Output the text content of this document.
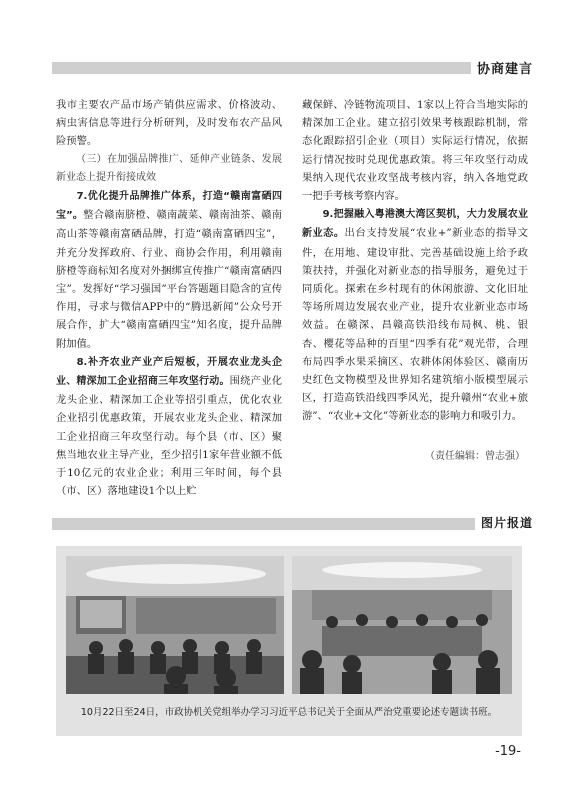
协商建言

我市主要农产品市场产销供应需求、价格波动、病虫害信息等进行分析研判，及时发布农产品风险预警。

（三）在加强品牌推广、延伸产业链条、发展新业态上提升衔接成效

7.优化提升品牌推广体系，打造“赣南富硒四宝”。整合赣南脐橙、赣南蔬菜、赣南油茶、赣南高山茶等赣南富硒品牌，打造“赣南富硒四宝”，并充分发挥政府、行业、商协会作用，利用赣南脐橙等商标知名度对外捆绑宣传推广“赣南富硒四宝”。发挥好“学习强国”平台答题题目隐含的宣传作用，寻求与微信APP中的“腾迅新闻”公众号开展合作，扩大“赣南富硒四宝”知名度，提升品牌附加值。

8.补齐农业产业产后短板，开展农业龙头企业、精深加工企业招商三年攻坚行动。围绕产业化龙头企业、精深加工企业等招引重点，优化农业企业招引优惠政策，开展农业龙头企业、精深加工企业招商三年攻坚行动。每个县（市、区）聚焦当地农业主导产业，至少招引1家年营业额不低于10亿元的农业企业；利用三年时间，每个县（市、区）落地建设1个以上贮

藏保鲜、冷链物流项目、1家以上符合当地实际的精深加工企业。建立招引效果考核跟踪机制，常态化跟踪招引企业（项目）实际运行情况，依据运行情况按时兑现优惠政策。将三年攻坚行动成果纳入现代农业攻坚战考核内容，纳入各地党政一把手考核考察内容。

9.把握融入粤港澳大湾区契机，大力发展农业新业态。出台支持发展“农业+”新业态的指导文件，在用地、建设审批、完善基础设施上给予政策扶持，并强化对新业态的指导服务，避免过于同质化。探索在乡村现有的休闲旅游、文化旧址等场所周边发展农业产业，提升农业新业态市场效益。在赣深、昌赣高铁沿线布局枫、桃、银杏、樱花等品种的百里“四季有花”观光带，合理布局四季水果采摘区、农耕体闲体验区、赣南历史红色文物模型及世界知名建筑缩小版模型展示区，打造高铁沿线四季风光，提升赣州“农业+旅游”、“农业+文化”等新业态的影响力和吸引力。

（责任编辑：曾志强）
图片报道
10月22日至24日，市政协机关党组举办学习习近平总书记关于全面从严治党重要论述专题读书班。
-19-
